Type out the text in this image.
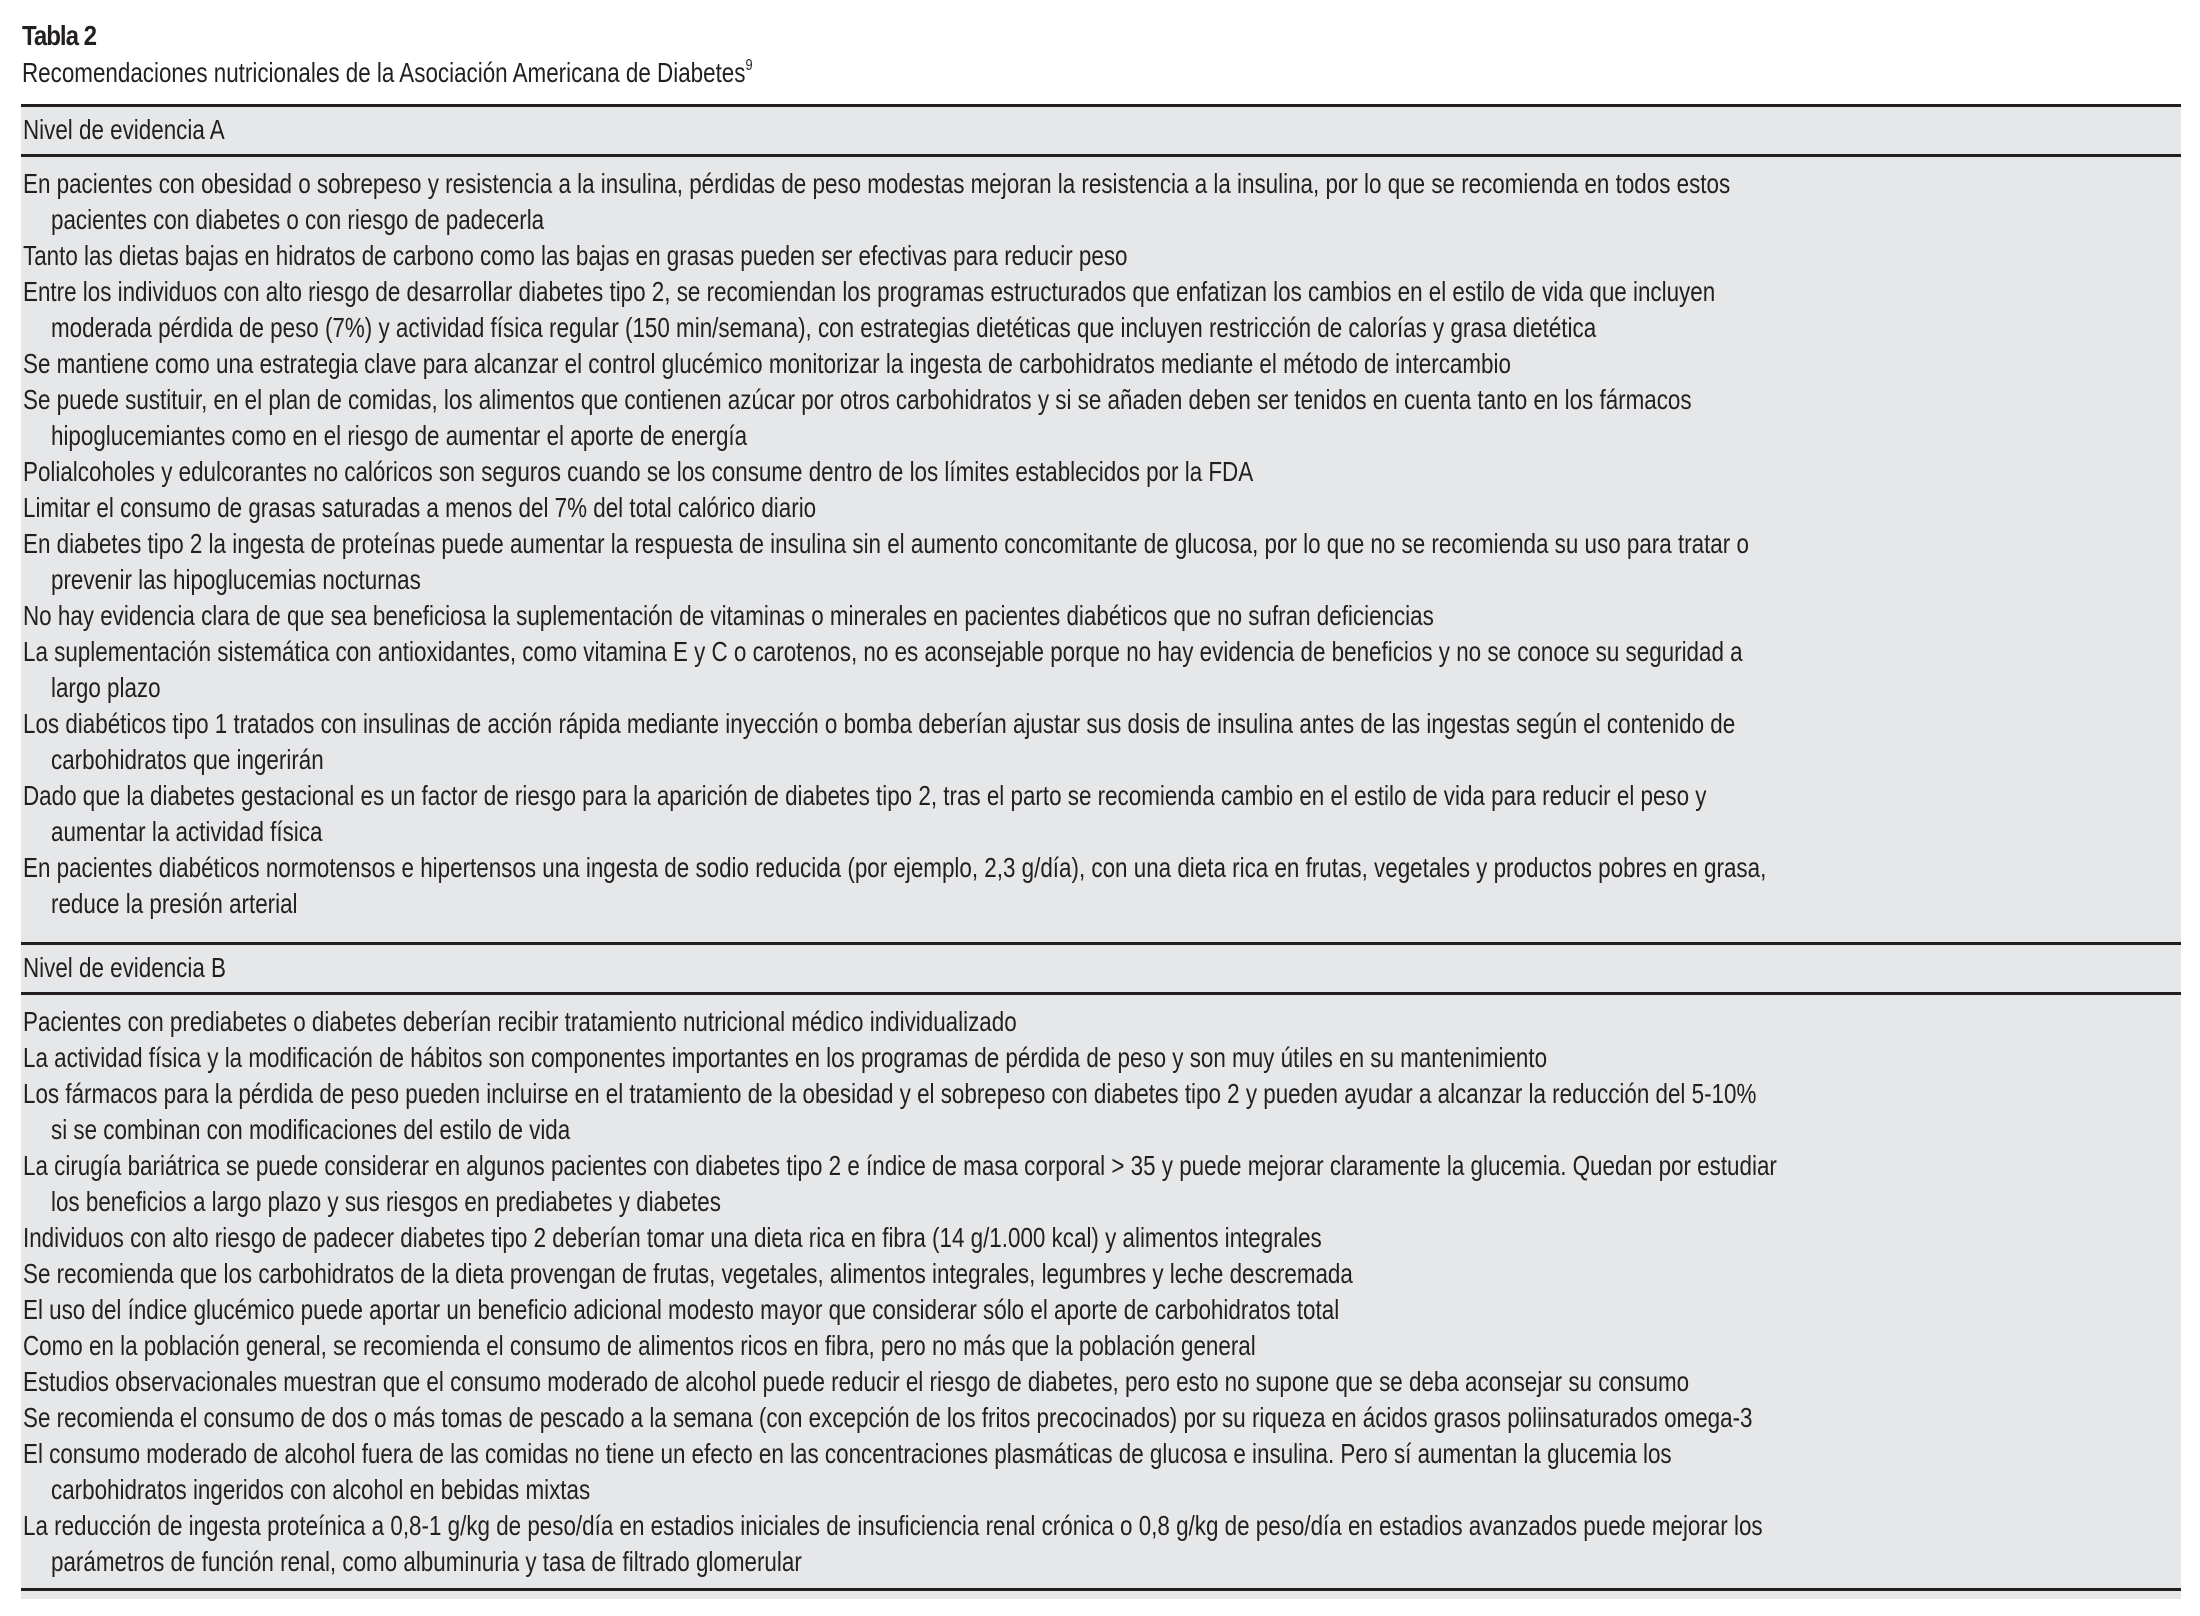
Tabla 2
Recomendaciones nutricionales de la Asociación Americana de Diabetes$^9$
Nivel de evidencia A
En pacientes con obesidad o sobrepeso y resistencia a la insulina, pérdidas de peso modestas mejoran la resistencia a la insulina, por lo que se recomienda en todos estos
pacientes con diabetes o con riesgo de padecerla
Tanto las dietas bajas en hidratos de carbono como las bajas en grasas pueden ser efectivas para reducir peso
Entre los individuos con alto riesgo de desarrollar diabetes tipo 2, se recomiendan los programas estructurados que enfatizan los cambios en el estilo de vida que incluyen
moderada pérdida de peso (7%) y actividad física regular (150 min/semana), con estrategias dietéticas que incluyen restricción de calorías y grasa dietética
Se mantiene como una estrategia clave para alcanzar el control glucémico monitorizar la ingesta de carbohidratos mediante el método de intercambio
Se puede sustituir, en el plan de comidas, los alimentos que contienen azúcar por otros carbohidratos y si se añaden deben ser tenidos en cuenta tanto en los fármacos
hipoglucemiantes como en el riesgo de aumentar el aporte de energía
Polialcoholes y edulcorantes no calóricos son seguros cuando se los consume dentro de los límites establecidos por la FDA
Limitar el consumo de grasas saturadas a menos del 7% del total calórico diario
En diabetes tipo 2 la ingesta de proteínas puede aumentar la respuesta de insulina sin el aumento concomitante de glucosa, por lo que no se recomienda su uso para tratar o
prevenir las hipoglucemias nocturnas
No hay evidencia clara de que sea beneficiosa la suplementación de vitaminas o minerales en pacientes diabéticos que no sufran deficiencias
La suplementación sistemática con antioxidantes, como vitamina E y C o carotenos, no es aconsejable porque no hay evidencia de beneficios y no se conoce su seguridad a
largo plazo
Los diabéticos tipo 1 tratados con insulinas de acción rápida mediante inyección o bomba deberían ajustar sus dosis de insulina antes de las ingestas según el contenido de
carbohidratos que ingerirán
Dado que la diabetes gestacional es un factor de riesgo para la aparición de diabetes tipo 2, tras el parto se recomienda cambio en el estilo de vida para reducir el peso y
aumentar la actividad física
En pacientes diabéticos normotensos e hipertensos una ingesta de sodio reducida (por ejemplo, 2,3 g/día), con una dieta rica en frutas, vegetales y productos pobres en grasa,
reduce la presión arterial
Nivel de evidencia B
Pacientes con prediabetes o diabetes deberían recibir tratamiento nutricional médico individualizado
La actividad física y la modificación de hábitos son componentes importantes en los programas de pérdida de peso y son muy útiles en su mantenimiento
Los fármacos para la pérdida de peso pueden incluirse en el tratamiento de la obesidad y el sobrepeso con diabetes tipo 2 y pueden ayudar a alcanzar la reducción del 5-10%
si se combinan con modificaciones del estilo de vida
La cirugía bariátrica se puede considerar en algunos pacientes con diabetes tipo 2 e índice de masa corporal > 35 y puede mejorar claramente la glucemia. Quedan por estudiar
los beneficios a largo plazo y sus riesgos en prediabetes y diabetes
Individuos con alto riesgo de padecer diabetes tipo 2 deberían tomar una dieta rica en fibra (14 g/1.000 kcal) y alimentos integrales
Se recomienda que los carbohidratos de la dieta provengan de frutas, vegetales, alimentos integrales, legumbres y leche descremada
El uso del índice glucémico puede aportar un beneficio adicional modesto mayor que considerar sólo el aporte de carbohidratos total
Como en la población general, se recomienda el consumo de alimentos ricos en fibra, pero no más que la población general
Estudios observacionales muestran que el consumo moderado de alcohol puede reducir el riesgo de diabetes, pero esto no supone que se deba aconsejar su consumo
Se recomienda el consumo de dos o más tomas de pescado a la semana (con excepción de los fritos precocinados) por su riqueza en ácidos grasos poliinsaturados omega-3
El consumo moderado de alcohol fuera de las comidas no tiene un efecto en las concentraciones plasmáticas de glucosa e insulina. Pero sí aumentan la glucemia los
carbohidratos ingeridos con alcohol en bebidas mixtas
La reducción de ingesta proteínica a 0,8-1 g/kg de peso/día en estadios iniciales de insuficiencia renal crónica o 0,8 g/kg de peso/día en estadios avanzados puede mejorar los
parámetros de función renal, como albuminuria y tasa de filtrado glomerular
